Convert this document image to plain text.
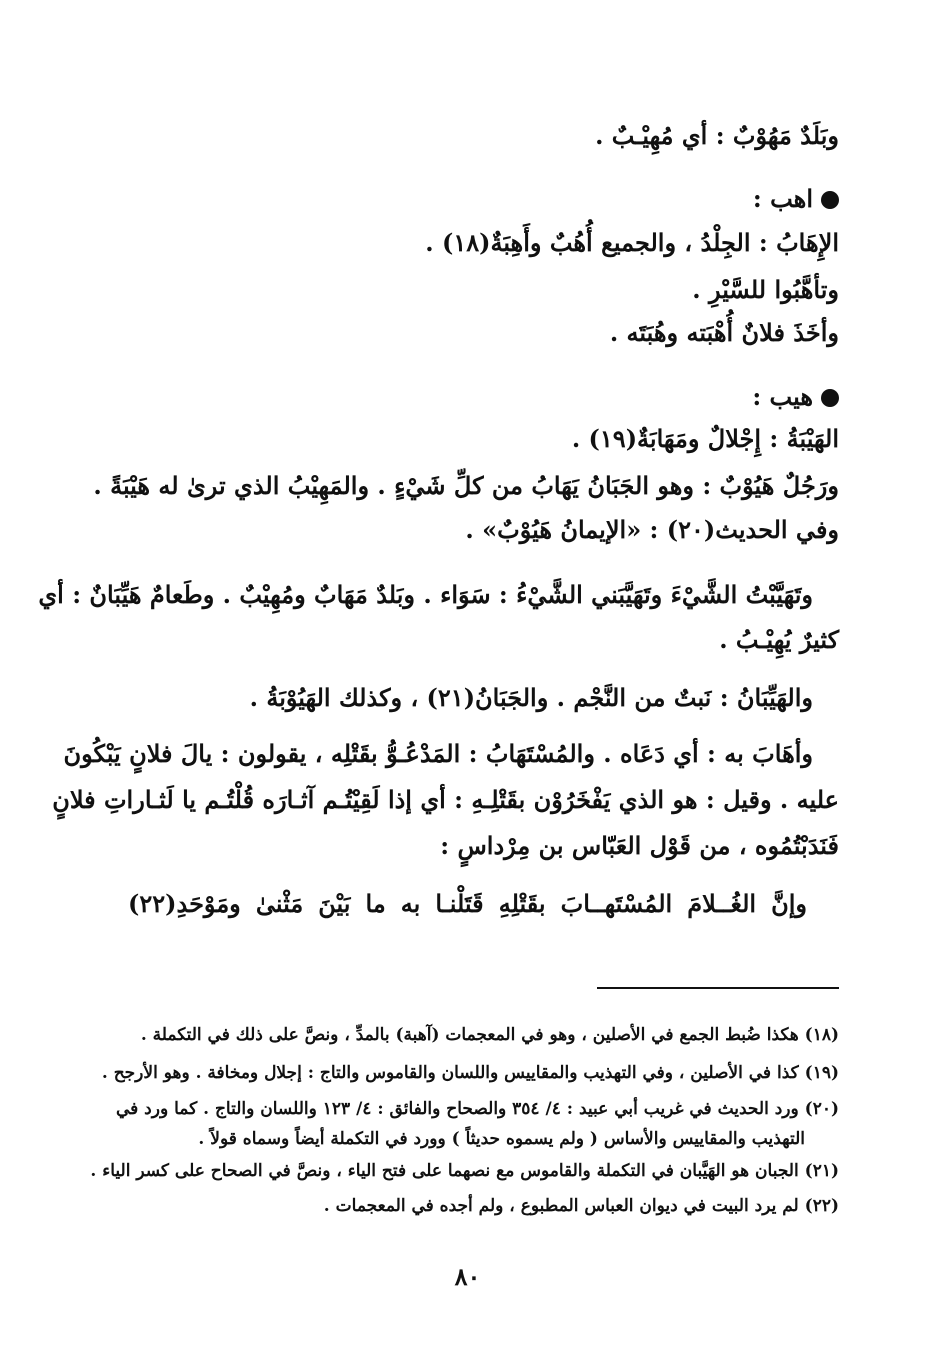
وبَلَدٌ مَهُوْبٌ : أي مُهِيْـبٌ .
اهب :
الإِهَابُ : الجِلْدُ ، والجميع أُهُبٌ وأَهِبَةٌ(١٨) .
وتأهَّبُوا للسَّيْرِ .
وأخَذَ فلانٌ أُهْبَته وهُبَتَه .
هيب :
الهَيْبَةُ : إِجْلالٌ ومَهَابَةٌ(١٩) .
ورَجُلٌ هَيُوْبٌ : وهو الجَبَانُ يَهَابُ من كلِّ شَيْءٍ . والمَهِيْبُ الذي ترىٰ له هَيْبَةً .
وفي الحديث(٢٠) : «الإيمانُ هَيُوْبٌ» .
وتَهَيَّبْتُ الشَّيْءَ وتَهَيَّبَني الشَّيْءُ : سَوَاء . وبَلدٌ مَهَابٌ ومُهِيْبٌ . وطَعامٌ هَيِّبَانٌ : أي
كثيرٌ يُهِيْـبُ .
والهَيِّبَانُ : نَبتٌ من النَّجْم . والجَبَانُ(٢١) ، وكذلك الهَيُوْبَةُ .
وأهَابَ به : أي دَعَاه . والمُسْتَهَابُ : المَدْعُـوُّ بقَتْلِه ، يقولون : يالَ فلانٍ يَبْكُونَ
عليه . وقيل : هو الذي يَفْخَرُوْن بقَتْلِـهِ : أي إذا لَقِيْتُـم آثـارَه قُلْتُـم يا لَثـاراتِ فلانٍ
فَنَدَبْتُمُوه ، من قَوْل العَبّاس بن مِرْداسٍ :
وإنَّ الغُــلامَ المُسْتَهــابَ بقَتْلِهِ قَتَلْنـا به ما بَيْنَ مَثْنىٰ ومَوْحَدِ(٢٢)
(١٨) هكذا ضُبط الجمع في الأصلين ، وهو في المعجمات (آهبة) بالمدِّ ، ونصَّ على ذلك في التكملة .
(١٩) كذا في الأصلين ، وفي التهذيب والمقاييس واللسان والقاموس والتاج : إجلال ومخافة . وهو الأرجح .
(٢٠) ورد الحديث في غريب أبي عبيد : ٤/ ٣٥٤ والصحاح والفائق : ٤/ ١٢٣ واللسان والتاج . كما ورد في
التهذيب والمقاييس والأساس ( ولم يسموه حديثاً ) وورد في التكملة أيضاً وسماه قولاً .
(٢١) الجبان هو الهَيَّبان في التكملة والقاموس مع نصهما على فتح الياء ، ونصَّ في الصحاح على كسر الياء .
(٢٢) لم يرد البيت في ديوان العباس المطبوع ، ولم أجده في المعجمات .
٨٠
